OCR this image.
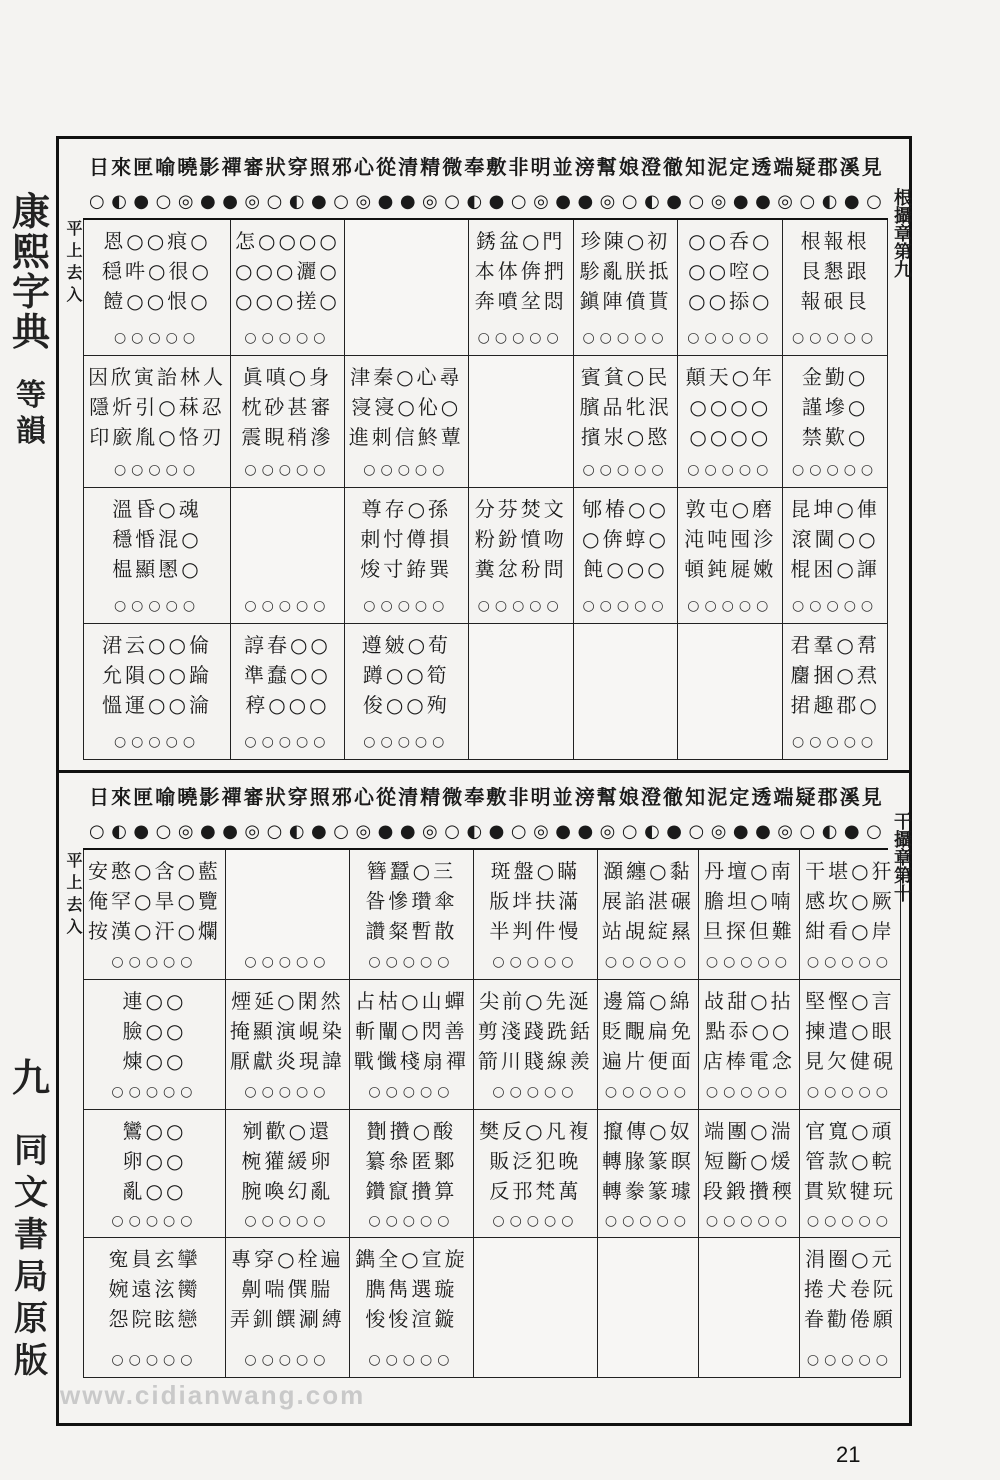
康
熙
字
典
等
韻
九
同
文
書
局
原
版
見
溪
郡
疑
端
透
定
泥
知
徹
澄
娘
幫
滂
並
明
非
敷
奉
微
精
清
從
心
邪
照
穿
狀
審
禪
影
曉
喻
匣
來
日
○
●
◐
○
◎
●
●
◎
○
●
◐
○
◎
●
●
◎
○
●
◐
○
◎
●
●
◎
○
●
◐
○
◎
●
●
◎
○
●
◐
○
恩○○痕○
穏吽○很○
饐○○恨○
○○○○○
怎○○○○
○○○灑○
○○○搓○
○○○○○
銹盆○門
本体倴捫
奔噴坌悶
○○○○○
珍陳○初
駗亂朕抵
鎭陣僨貰
○○○○○
○○呑○
○○啌○
○○掭○
○○○○○
根報根
艮懇跟
報硍艮
○○○○○
因欣寅詒林人
隱炘引○菻忍
印廞胤○恪刃
○○○○○
眞嗔○身
枕砂甚審
震睍稍滲
○○○○○
津秦○心尋
寖寖○伈○
進刺信鮗蕈
○○○○○
賓貧○民
臏品牝泯
擯汖○愍
○○○○○
顛天○年
○○○○
○○○○
○○○○○
金勤○
謹墋○
禁歎○
○○○○○
溫昏○魂
穩惛混○
榅顯慁○
○○○○○	○○○○○
尊存○孫
刺忖僔損
焌寸銌巽
○○○○○
分芬焚文
粉鈖憤吻
糞忿秎問
○○○○○
郇椿○○
○倴蜳○
飩○○○
○○○○○
敦屯○磨
沌吨囤沴
頓鈍屣嫩
○○○○○
昆坤○俥
滾閫○○
棍困○諢
○○○○○
涒云○○倫
允隕○○踚
慍運○○淪
○○○○○
諄春○○
準蠢○○
稕○○○
○○○○○
遵皴○荀
蹲○○筍
俊○○殉
○○○○○
君羣○帬
麕捆○焄
捃趣郡○
○○○○○
根攝章第九
平上去入
見
溪
郡
疑
端
透
定
泥
知
徹
澄
娘
幫
滂
並
明
非
敷
奉
微
精
清
從
心
邪
照
穿
狀
審
禪
影
曉
喻
匣
來
日
○
●
◐
○
◎
●
●
◎
○
●
◐
○
◎
●
●
◎
○
●
◐
○
◎
●
●
◎
○
●
◐
○
◎
●
●
◎
○
●
◐
○
安憨○含○藍
俺罕○旱○覽
按漢○汗○爛
○○○○○	○○○○○
簪蠶○三
昝慘瓚傘
讚粲暫散
○○○○○
斑盤○瞞
版坢扶滿
半判件慢
○○○○○
㶊纏○黏
展諂湛碾
站覘綻㬎
○○○○○
丹壇○南
膽坦○喃
旦探但難
○○○○○
干堪○犴
感坎○厥
紺看○岸
○○○○○
連○○
臉○○
煉○○
○○○○○
煙延○閑然
掩顯演峴染
厭獻炎現諱
○○○○○
占枯○山蟬
斬闡○閃善
戰懺棧扇禪
○○○○○
尖前○先涎
剪淺踐跣銛
箭川賤線羨
○○○○○
邊篇○綿
貶覸扁免
遍片便面
○○○○○
敁甜○拈
點忝○○
店棒電念
○○○○○
堅慳○言
揀遣○眼
見欠健硯
○○○○○
鸞○○
卵○○
亂○○
○○○○○
剜歡○還
椀獾緩卵
腕喚幻亂
○○○○○
劗攢○酸
纂叅匿鄹
鑽竄攢算
○○○○○
樊反○凡複
販泛犯晚
反邘梵萬
○○○○○
攛傳○奴
轉腞篆瞑
轉豢篆璩
○○○○○
端團○湍
短斷○煖
段鍛攢稬
○○○○○
官寬○頑
管款○輐
貫欵犍玩
○○○○○
寃員玄攣
婉遠泫臠
怨院眩戀
○○○○○
專穿○栓遍
劓喘僎腨
弄釧饌涮縛
○○○○○
鐫全○宣旋
臇雋選璇
悛悛渲鏇
○○○○○
涓圈○元
捲犬卷阮
眷勸倦願
○○○○○
干攝章第十
平上去入
www.cidianwang.com
21
